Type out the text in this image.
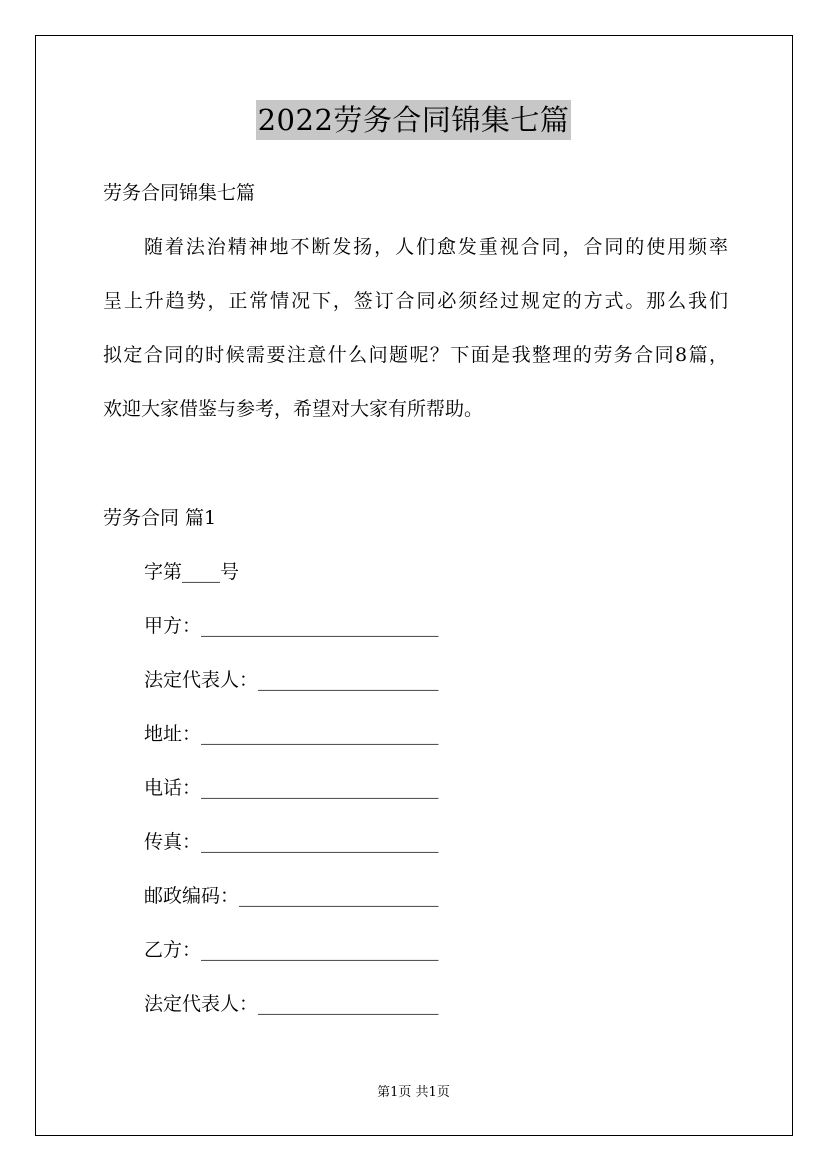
2022劳务合同锦集七篇
劳务合同锦集七篇
随着法治精神地不断发扬，人们愈发重视合同，合同的使用频率
呈上升趋势，正常情况下，签订合同必须经过规定的方式。那么我们
拟定合同的时候需要注意什么问题呢？下面是我整理的劳务合同8篇，
欢迎大家借鉴与参考，希望对大家有所帮助。
劳务合同 篇1
字第____号
甲方：_________________________
法定代表人：___________________
地址：_________________________
电话：_________________________
传真：_________________________
邮政编码：_____________________
乙方：_________________________
法定代表人：___________________
第1页 共1页
